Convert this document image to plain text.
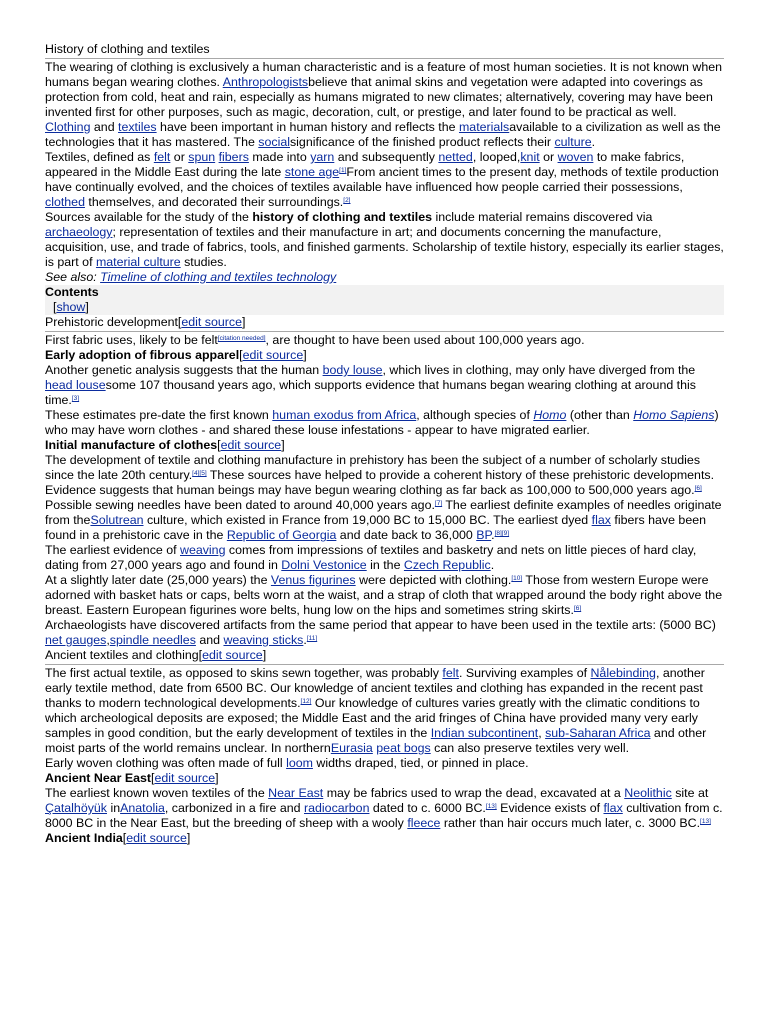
History of clothing and textiles

The wearing of clothing is exclusively a human characteristic and is a feature of most human societies. It is not known when humans began wearing clothes. Anthropologistsbelieve that animal skins and vegetation were adapted into coverings as protection from cold, heat and rain, especially as humans migrated to new climates; alternatively, covering may have been invented first for other purposes, such as magic, decoration, cult, or prestige, and later found to be practical as well.

Clothing and textiles have been important in human history and reflects the materialsavailable to a civilization as well as the technologies that it has mastered. The socialsignificance of the finished product reflects their culture.

Textiles, defined as felt or spun fibers made into yarn and subsequently netted, looped,knit or woven to make fabrics, appeared in the Middle East during the late stone age[1]From ancient times to the present day, methods of textile production have continually evolved, and the choices of textiles available have influenced how people carried their possessions, clothed themselves, and decorated their surroundings.[2]

Sources available for the study of the history of clothing and textiles include material remains discovered via archaeology; representation of textiles and their manufacture in art; and documents concerning the manufacture, acquisition, use, and trade of fabrics, tools, and finished garments. Scholarship of textile history, especially its earlier stages, is part of material culture studies.

See also: Timeline of clothing and textiles technology

Contents
[show]
Prehistoric development[edit source]

First fabric uses, likely to be felt[citation needed], are thought to have been used about 100,000 years ago.

Early adoption of fibrous apparel[edit source]

Another genetic analysis suggests that the human body louse, which lives in clothing, may only have diverged from the head lousesome 107 thousand years ago, which supports evidence that humans began wearing clothing at around this time.[3]

These estimates pre-date the first known human exodus from Africa, although species of Homo (other than Homo Sapiens) who may have worn clothes - and shared these louse infestations - appear to have migrated earlier.

Initial manufacture of clothes[edit source]

The development of textile and clothing manufacture in prehistory has been the subject of a number of scholarly studies since the late 20th century.[4][5] These sources have helped to provide a coherent history of these prehistoric developments. Evidence suggests that human beings may have begun wearing clothing as far back as 100,000 to 500,000 years ago.[6]

Possible sewing needles have been dated to around 40,000 years ago.[7] The earliest definite examples of needles originate from theSolutrean culture, which existed in France from 19,000 BC to 15,000 BC. The earliest dyed flax fibers have been found in a prehistoric cave in the Republic of Georgia and date back to 36,000 BP.[8][9]

The earliest evidence of weaving comes from impressions of textiles and basketry and nets on little pieces of hard clay, dating from 27,000 years ago and found in Dolni Vestonice in the Czech Republic.

At a slightly later date (25,000 years) the Venus figurines were depicted with clothing.[10] Those from western Europe were adorned with basket hats or caps, belts worn at the waist, and a strap of cloth that wrapped around the body right above the breast. Eastern European figurines wore belts, hung low on the hips and sometimes string skirts.[6]

Archaeologists have discovered artifacts from the same period that appear to have been used in the textile arts: (5000 BC) net gauges,spindle needles and weaving sticks.[11]

Ancient textiles and clothing[edit source]

The first actual textile, as opposed to skins sewn together, was probably felt. Surviving examples of Nålebinding, another early textile method, date from 6500 BC. Our knowledge of ancient textiles and clothing has expanded in the recent past thanks to modern technological developments.[12] Our knowledge of cultures varies greatly with the climatic conditions to which archeological deposits are exposed; the Middle East and the arid fringes of China have provided many very early samples in good condition, but the early development of textiles in the Indian subcontinent, sub-Saharan Africa and other moist parts of the world remains unclear. In northernEurasia peat bogs can also preserve textiles very well.

Early woven clothing was often made of full loom widths draped, tied, or pinned in place.

Ancient Near East[edit source]

The earliest known woven textiles of the Near East may be fabrics used to wrap the dead, excavated at a Neolithic site at Çatalhöyük inAnatolia, carbonized in a fire and radiocarbon dated to c. 6000 BC.[13] Evidence exists of flax cultivation from c. 8000 BC in the Near East, but the breeding of sheep with a wooly fleece rather than hair occurs much later, c. 3000 BC.[13]

Ancient India[edit source]
